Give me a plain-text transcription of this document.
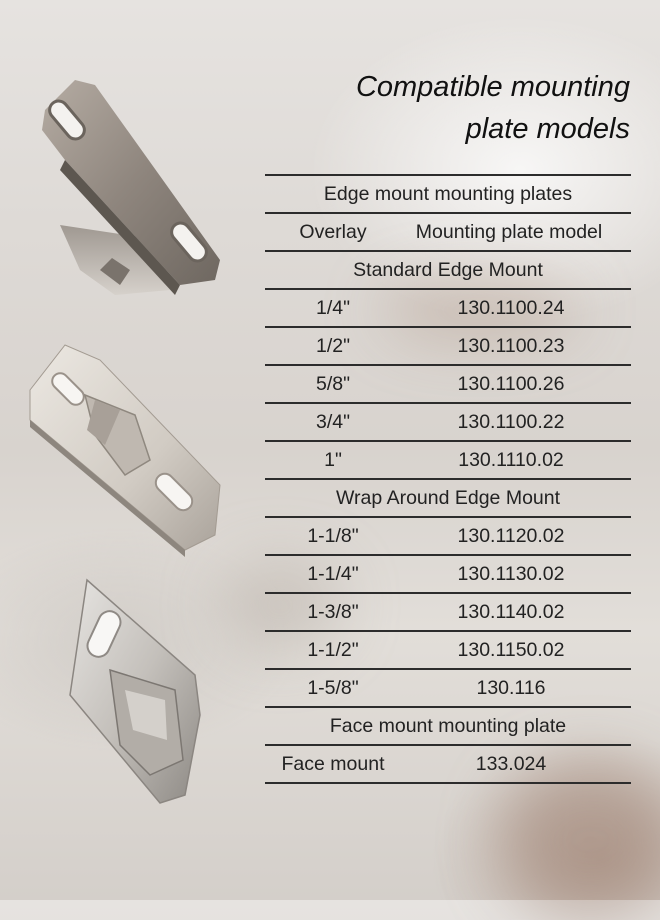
Compatible mounting
plate models
Edge mount mounting plates
Overlay	Mounting plate model
Standard Edge Mount
1/4"	130.1100.24
1/2"	130.1100.23
5/8"	130.1100.26
3/4"	130.1100.22
1"	130.1110.02
Wrap Around Edge Mount
1-1/8"	130.1120.02
1-1/4"	130.1130.02
1-3/8"	130.1140.02
1-1/2"	130.1150.02
1-5/8"	130.116
Face mount mounting plate
Face mount	133.024
